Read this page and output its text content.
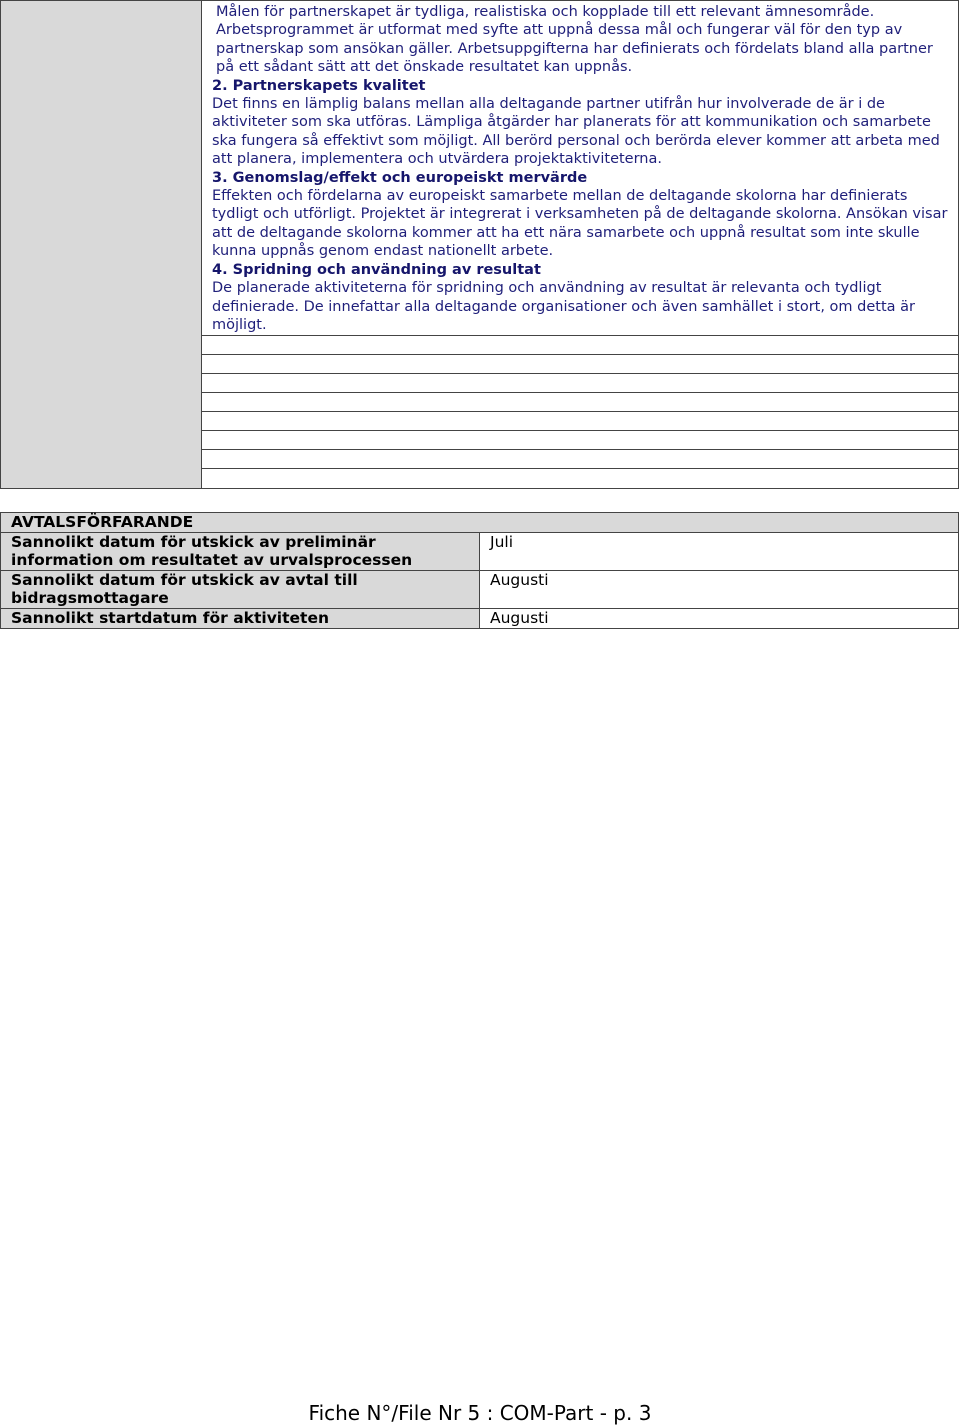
Målen för partnerskapet är tydliga, realistiska och kopplade till ett relevant ämnesområde.

Arbetsprogrammet är utformat med syfte att uppnå dessa mål och fungerar väl för den typ av partnerskap som ansökan gäller. Arbetsuppgifterna har definierats och fördelats bland alla partner på ett sådant sätt att det önskade resultatet kan uppnås.

2. Partnerskapets kvalitet

Det finns en lämplig balans mellan alla deltagande partner utifrån hur involverade de är i de aktiviteter som ska utföras. Lämpliga åtgärder har planerats för att kommunikation och samarbete ska fungera så effektivt som möjligt. All berörd personal och berörda elever kommer att arbeta med att planera, implementera och utvärdera projektaktiviteterna.

3. Genomslag/effekt och europeiskt mervärde

Effekten och fördelarna av europeiskt samarbete mellan de deltagande skolorna har definierats tydligt och utförligt. Projektet är integrerat i verksamheten på de deltagande skolorna. Ansökan visar att de deltagande skolorna kommer att ha ett nära samarbete och uppnå resultat som inte skulle kunna uppnås genom endast nationellt arbete.

4. Spridning och användning av resultat

De planerade aktiviteterna för spridning och användning av resultat är relevanta och tydligt definierade. De innefattar alla deltagande organisationer och även samhället i stort, om detta är möjligt.

AVTALSFÖRFARANDE	
Sannolikt datum för utskick av preliminär information om resultatet av urvalsprocessen	Juli
Sannolikt datum för utskick av avtal till bidragsmottagare	Augusti
Sannolikt startdatum för aktiviteten	Augusti
Fiche N°/File Nr 5 : COM-Part - p. 3
